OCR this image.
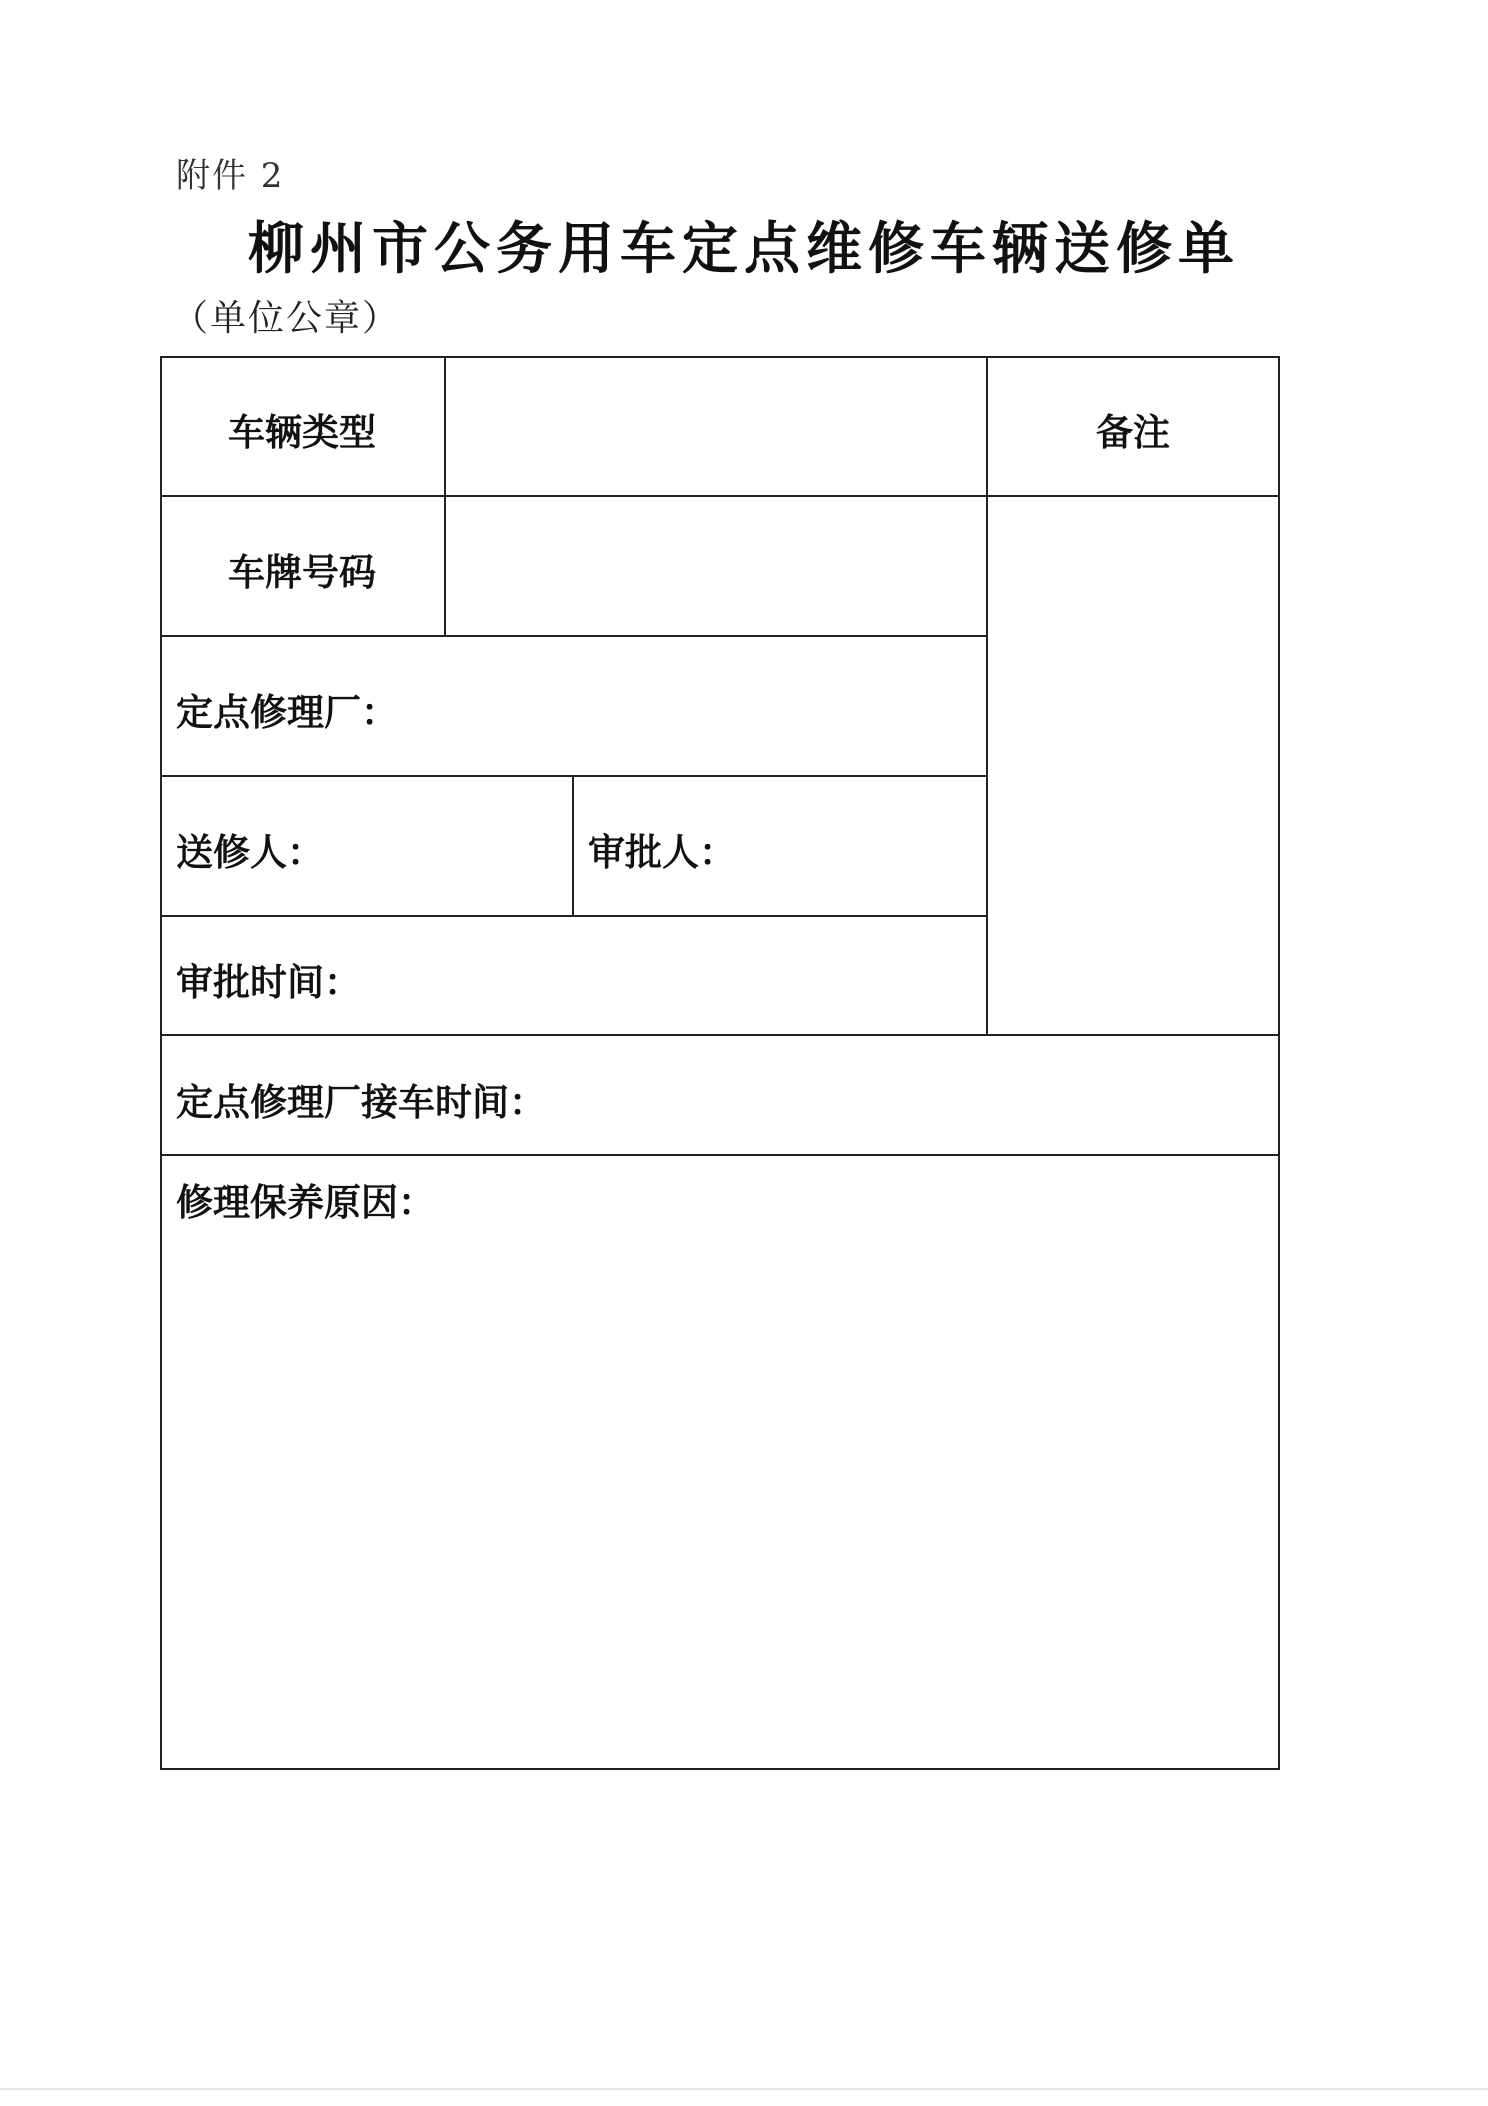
附件 2
柳州市公务用车定点维修车辆送修单
（单位公章）
车辆类型	备注
车牌号码
定点修理厂：
送修人：	审批人：
审批时间：
定点修理厂接车时间：
修理保养原因：
